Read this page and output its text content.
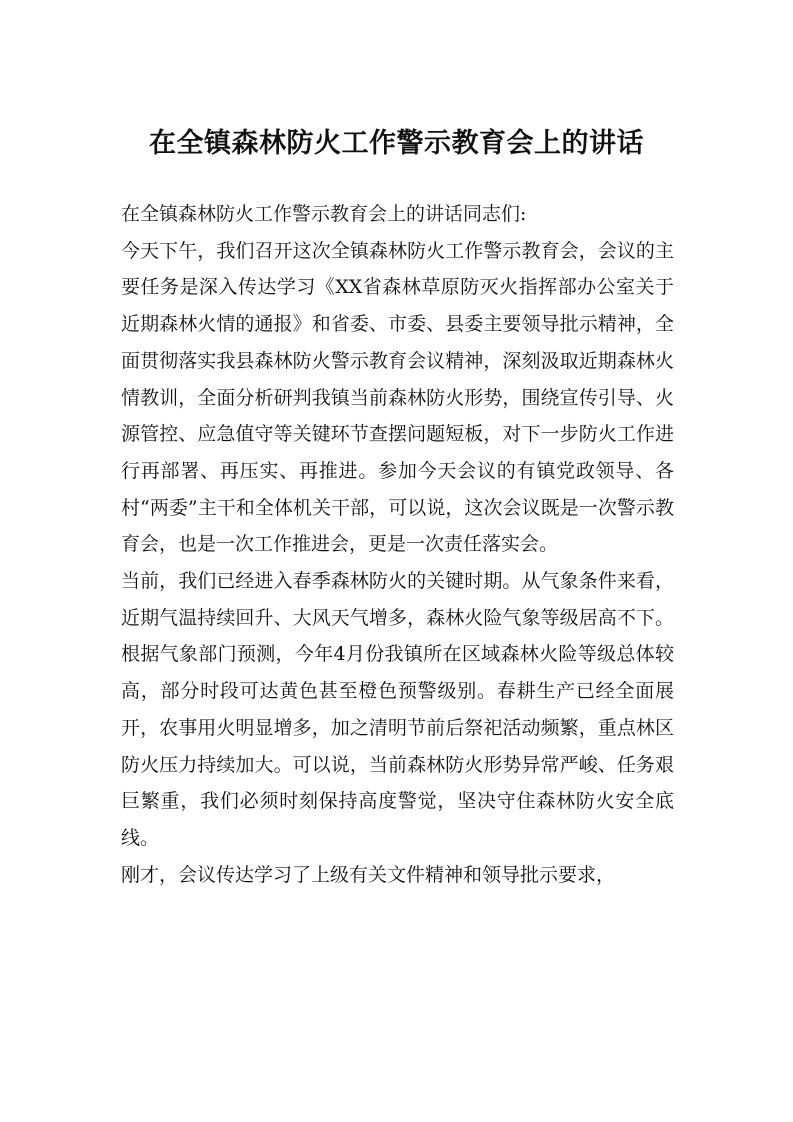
在全镇森林防火工作警示教育会上的讲话

在全镇森林防火工作警示教育会上的讲话同志们:

今天下午，我们召开这次全镇森林防火工作警示教育会，会议的主要任务是深入传达学习《XX省森林草原防灭火指挥部办公室关于近期森林火情的通报》和省委、市委、县委主要领导批示精神，全面贯彻落实我县森林防火警示教育会议精神，深刻汲取近期森林火情教训，全面分析研判我镇当前森林防火形势，围绕宣传引导、火源管控、应急值守等关键环节查摆问题短板，对下一步防火工作进行再部署、再压实、再推进。参加今天会议的有镇党政领导、各村“两委”主干和全体机关干部，可以说，这次会议既是一次警示教育会，也是一次工作推进会，更是一次责任落实会。

当前，我们已经进入春季森林防火的关键时期。从气象条件来看，近期气温持续回升、大风天气增多，森林火险气象等级居高不下。根据气象部门预测，今年4月份我镇所在区域森林火险等级总体较高，部分时段可达黄色甚至橙色预警级别。春耕生产已经全面展开，农事用火明显增多，加之清明节前后祭祀活动频繁，重点林区防火压力持续加大。可以说，当前森林防火形势异常严峻、任务艰巨繁重，我们必须时刻保持高度警觉，坚决守住森林防火安全底线。

刚才，会议传达学习了上级有关文件精神和领导批示要求，
